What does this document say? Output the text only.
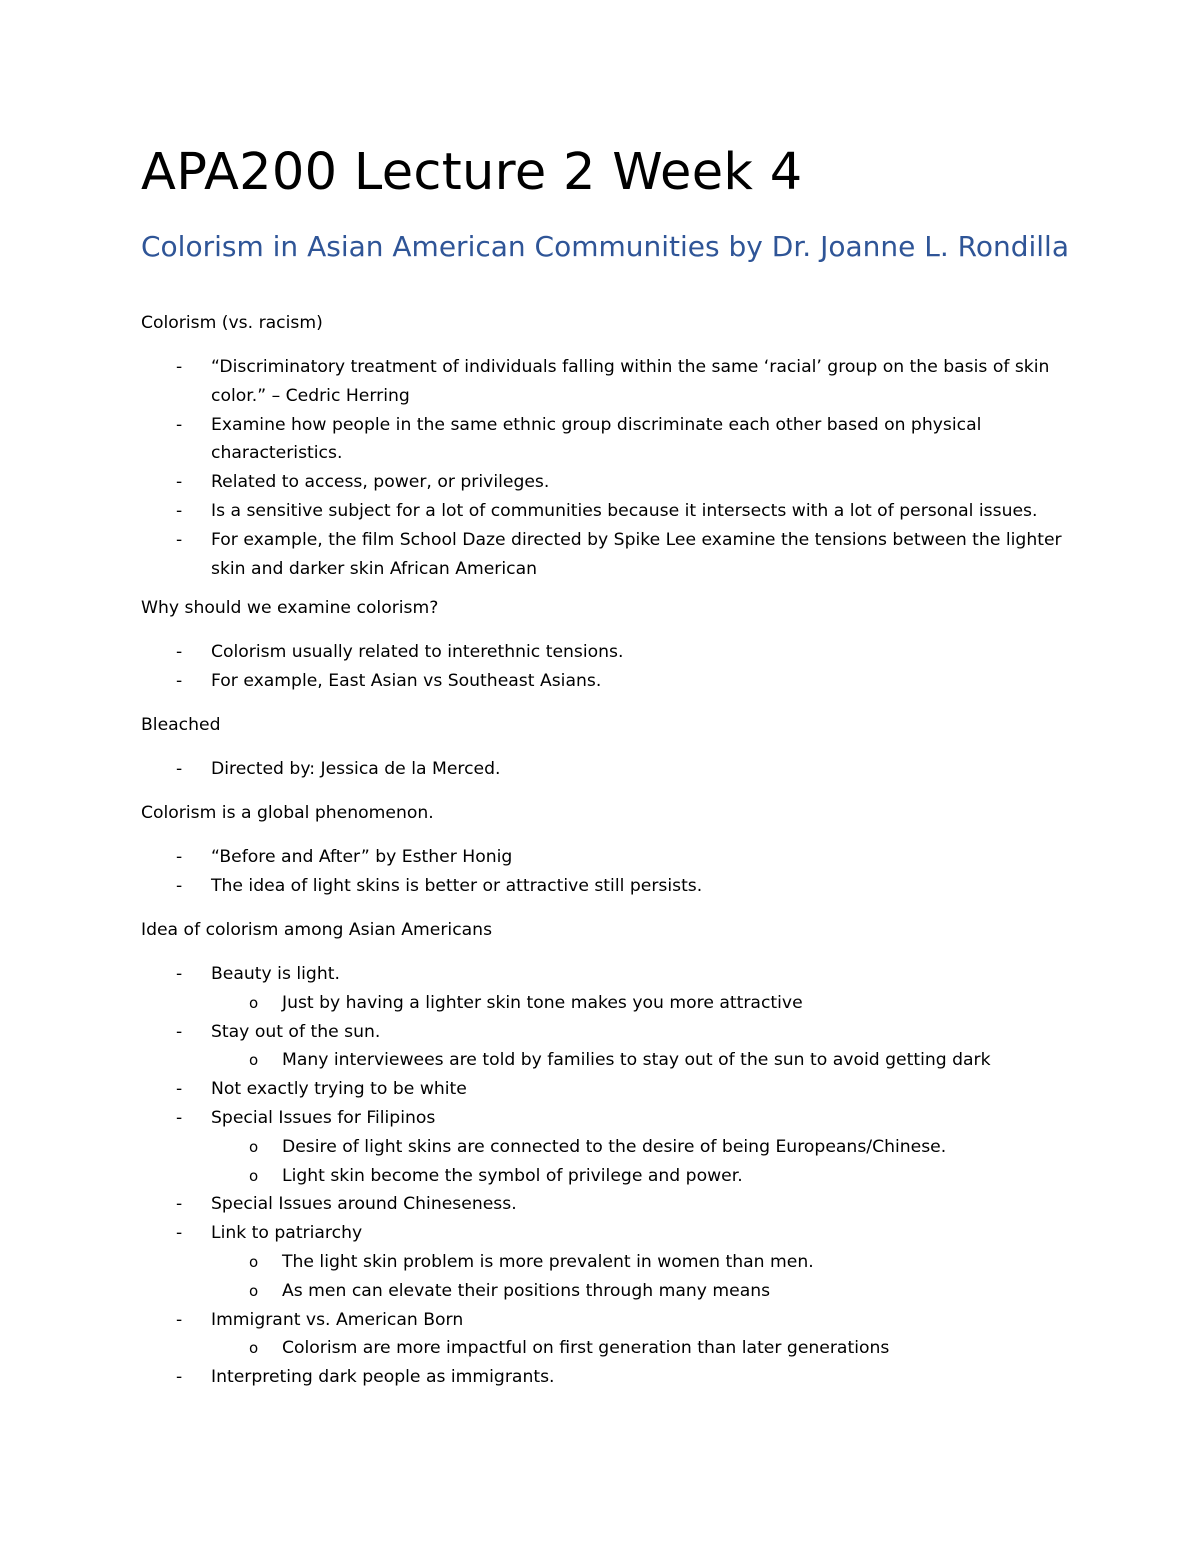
APA200 Lecture 2 Week 4
Colorism in Asian American Communities by Dr. Joanne L. Rondilla
Colorism (vs. racism)
- “Discriminatory treatment of individuals falling within the same ‘racial’ group on the basis of skin color.” – Cedric Herring
- Examine how people in the same ethnic group discriminate each other based on physical characteristics.
- Related to access, power, or privileges.
- Is a sensitive subject for a lot of communities because it intersects with a lot of personal issues.
- For example, the film School Daze directed by Spike Lee examine the tensions between the lighter skin and darker skin African American
Why should we examine colorism?
- Colorism usually related to interethnic tensions.
- For example, East Asian vs Southeast Asians.
Bleached
- Directed by: Jessica de la Merced.
Colorism is a global phenomenon.
- “Before and After” by Esther Honig
- The idea of light skins is better or attractive still persists.
Idea of colorism among Asian Americans
- Beauty is light.
o Just by having a lighter skin tone makes you more attractive
- Stay out of the sun.
o Many interviewees are told by families to stay out of the sun to avoid getting dark
- Not exactly trying to be white
- Special Issues for Filipinos
o Desire of light skins are connected to the desire of being Europeans/Chinese.
o Light skin become the symbol of privilege and power.
- Special Issues around Chineseness.
- Link to patriarchy
o The light skin problem is more prevalent in women than men.
o As men can elevate their positions through many means
- Immigrant vs. American Born
o Colorism are more impactful on first generation than later generations
- Interpreting dark people as immigrants.
